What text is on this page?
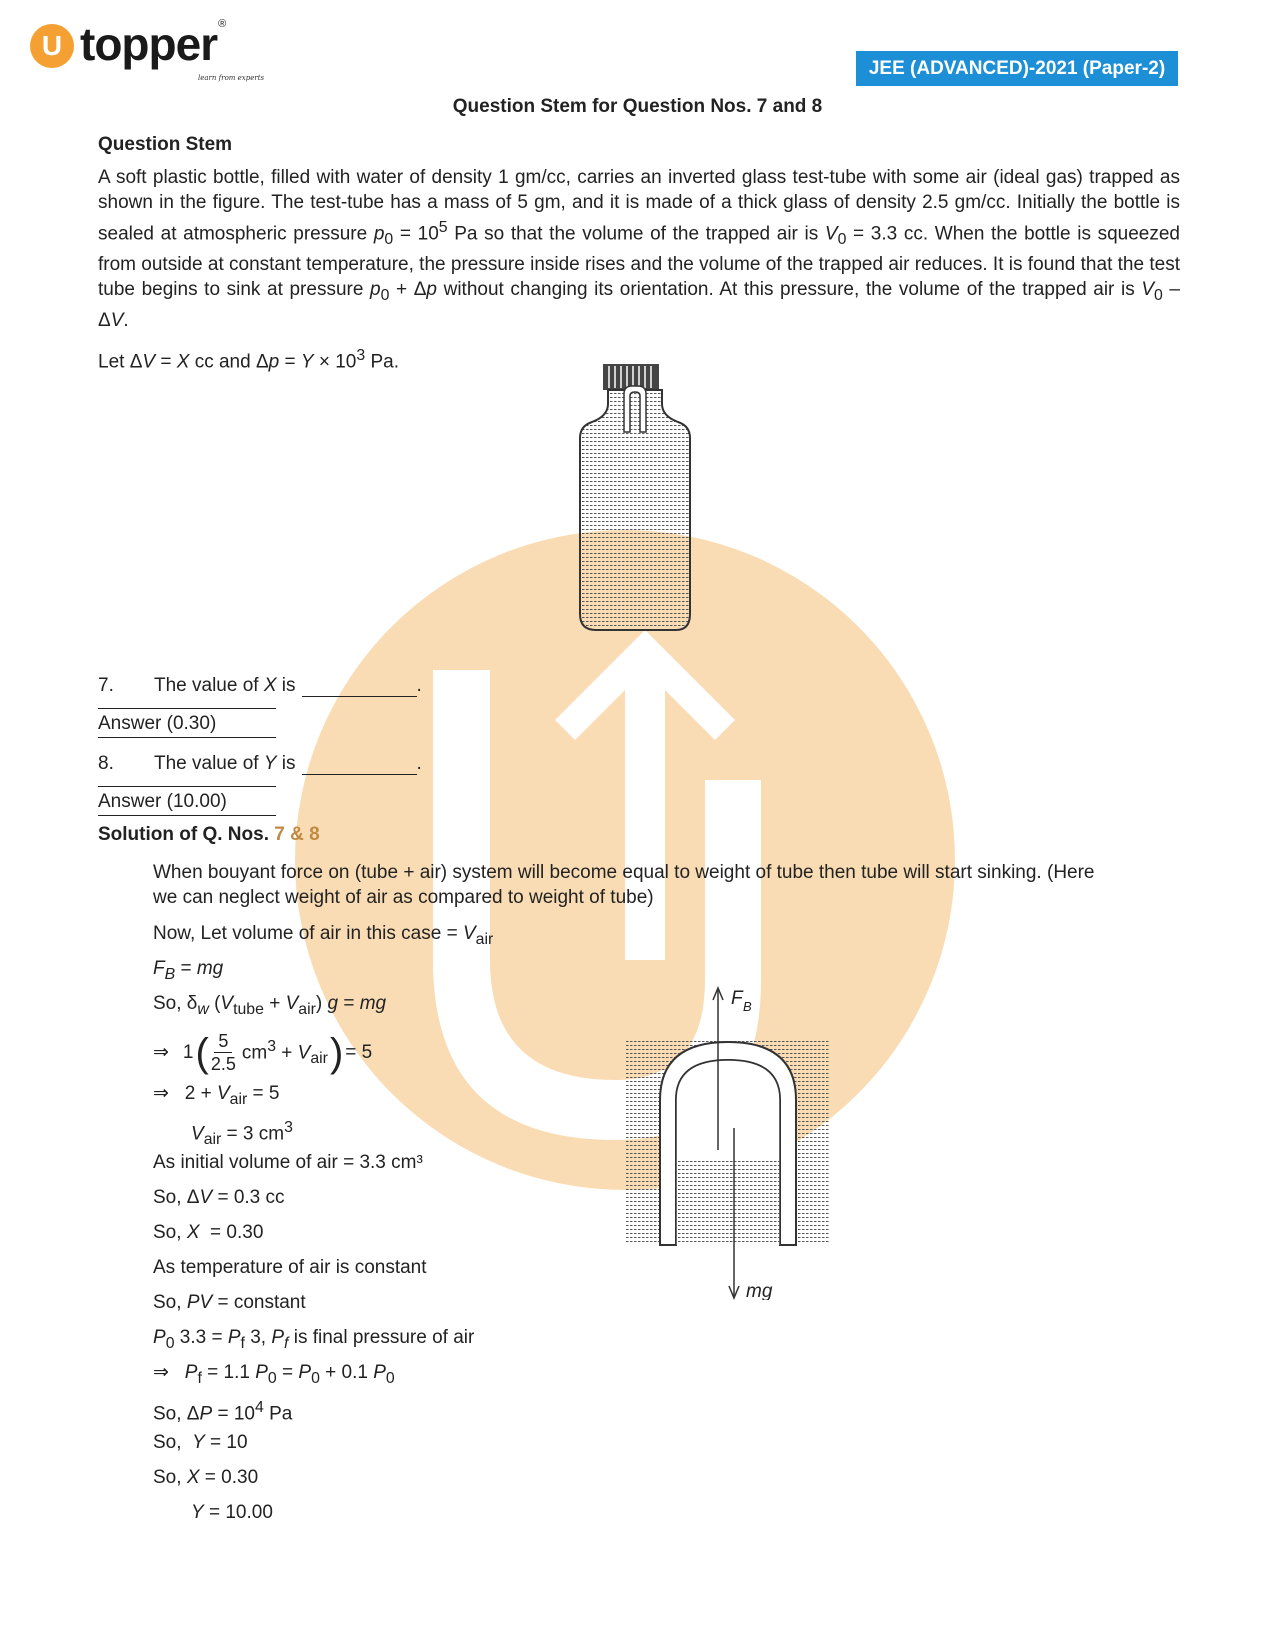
U topper ®
learn from experts	JEE (ADVANCED)-2021 (Paper-2)
Question Stem for Question Nos. 7 and 8
Question Stem

A soft plastic bottle, filled with water of density 1 gm/cc, carries an inverted glass test-tube with some air (ideal gas) trapped as shown in the figure. The test-tube has a mass of 5 gm, and it is made of a thick glass of density 2.5 gm/cc. Initially the bottle is sealed at atmospheric pressure $p_0 = 10^5$ Pa so that the volume of the trapped air is $V_0 = 3.3$ cc. When the bottle is squeezed from outside at constant temperature, the pressure inside rises and the volume of the trapped air reduces. It is found that the test tube begins to sink at pressure $p_0 + \Delta p$ without changing its orientation. At this pressure, the volume of the trapped air is $V_0$ – ΔV.

Let ΔV = X cc and $\Delta p = Y \times 10^3$ Pa.

7. The value of X is	.
Answer (0.30)
8. The value of Y is	.
Answer (10.00)
Solution of Q. Nos. 7 & 8
When bouyant force on (tube + air) system will become equal to weight of tube then tube will start sinking. (Here
we can neglect weight of air as compared to weight of tube)
Now, Let volume of air in this case = $V_{air}$
$F_B$ = mg
So, $\delta_w$ $(V_{tube} + V_{air}) g$ = mg
⇒ 1 ( 5
2.5
$cm^3 + V_{air}$ ) = 5
⇒   $2 + V_{air} = 5$
$V_{air} = 3$ $cm^3$
As initial volume of air = 3.3 cm³
So, ΔV = 0.3 cc
So, X  = 0.30
As temperature of air is constant
So, PV = constant
$P_0$ $3.3 = P_f$ 3, $P_f$ is final pressure of air
⇒   $P_f = 1.1$ $P_0 = P_0 + 0.1$ $P_0$
So, $\Delta P = 10^4$ Pa
So,  Y = 10
So, X = 0.30
Y = 10.00
F B
mg
